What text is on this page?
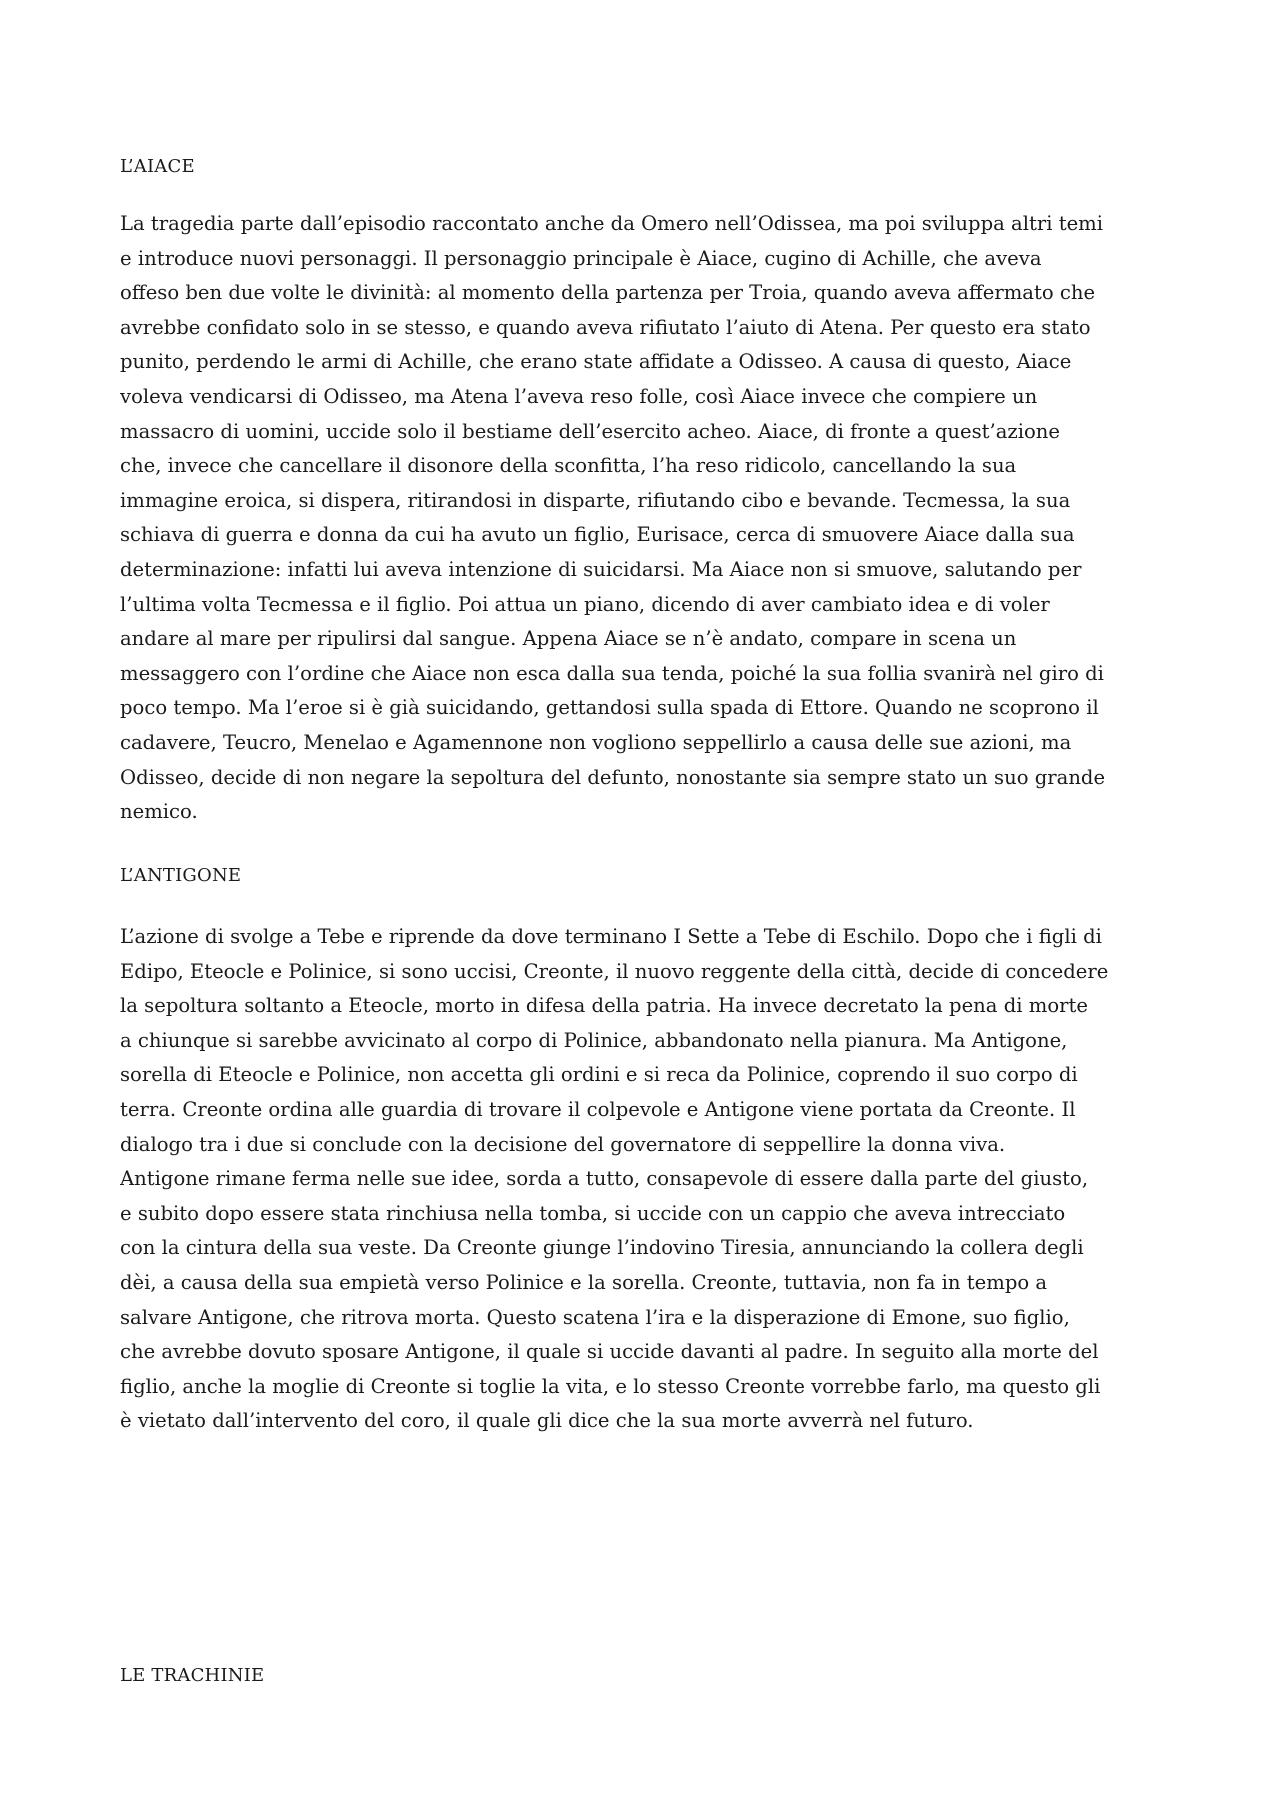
L’AIACE
La tragedia parte dall’episodio raccontato anche da Omero nell’Odissea, ma poi sviluppa altri temi
e introduce nuovi personaggi. Il personaggio principale è Aiace, cugino di Achille, che aveva
offeso ben due volte le divinità: al momento della partenza per Troia, quando aveva affermato che
avrebbe confidato solo in se stesso, e quando aveva rifiutato l’aiuto di Atena. Per questo era stato
punito, perdendo le armi di Achille, che erano state affidate a Odisseo. A causa di questo, Aiace
voleva vendicarsi di Odisseo, ma Atena l’aveva reso folle, così Aiace invece che compiere un
massacro di uomini, uccide solo il bestiame dell’esercito acheo. Aiace, di fronte a quest’azione
che, invece che cancellare il disonore della sconfitta, l’ha reso ridicolo, cancellando la sua
immagine eroica, si dispera, ritirandosi in disparte, rifiutando cibo e bevande. Tecmessa, la sua
schiava di guerra e donna da cui ha avuto un figlio, Eurisace, cerca di smuovere Aiace dalla sua
determinazione: infatti lui aveva intenzione di suicidarsi. Ma Aiace non si smuove, salutando per
l’ultima volta Tecmessa e il figlio. Poi attua un piano, dicendo di aver cambiato idea e di voler
andare al mare per ripulirsi dal sangue. Appena Aiace se n’è andato, compare in scena un
messaggero con l’ordine che Aiace non esca dalla sua tenda, poiché la sua follia svanirà nel giro di
poco tempo. Ma l’eroe si è già suicidando, gettandosi sulla spada di Ettore. Quando ne scoprono il
cadavere, Teucro, Menelao e Agamennone non vogliono seppellirlo a causa delle sue azioni, ma
Odisseo, decide di non negare la sepoltura del defunto, nonostante sia sempre stato un suo grande
nemico.
L’ANTIGONE
L’azione di svolge a Tebe e riprende da dove terminano I Sette a Tebe di Eschilo. Dopo che i figli di
Edipo, Eteocle e Polinice, si sono uccisi, Creonte, il nuovo reggente della città, decide di concedere
la sepoltura soltanto a Eteocle, morto in difesa della patria. Ha invece decretato la pena di morte
a chiunque si sarebbe avvicinato al corpo di Polinice, abbandonato nella pianura. Ma Antigone,
sorella di Eteocle e Polinice, non accetta gli ordini e si reca da Polinice, coprendo il suo corpo di
terra. Creonte ordina alle guardia di trovare il colpevole e Antigone viene portata da Creonte. Il
dialogo tra i due si conclude con la decisione del governatore di seppellire la donna viva.
Antigone rimane ferma nelle sue idee, sorda a tutto, consapevole di essere dalla parte del giusto,
e subito dopo essere stata rinchiusa nella tomba, si uccide con un cappio che aveva intrecciato
con la cintura della sua veste. Da Creonte giunge l’indovino Tiresia, annunciando la collera degli
dèi, a causa della sua empietà verso Polinice e la sorella. Creonte, tuttavia, non fa in tempo a
salvare Antigone, che ritrova morta. Questo scatena l’ira e la disperazione di Emone, suo figlio,
che avrebbe dovuto sposare Antigone, il quale si uccide davanti al padre. In seguito alla morte del
figlio, anche la moglie di Creonte si toglie la vita, e lo stesso Creonte vorrebbe farlo, ma questo gli
è vietato dall’intervento del coro, il quale gli dice che la sua morte avverrà nel futuro.
LE TRACHINIE
